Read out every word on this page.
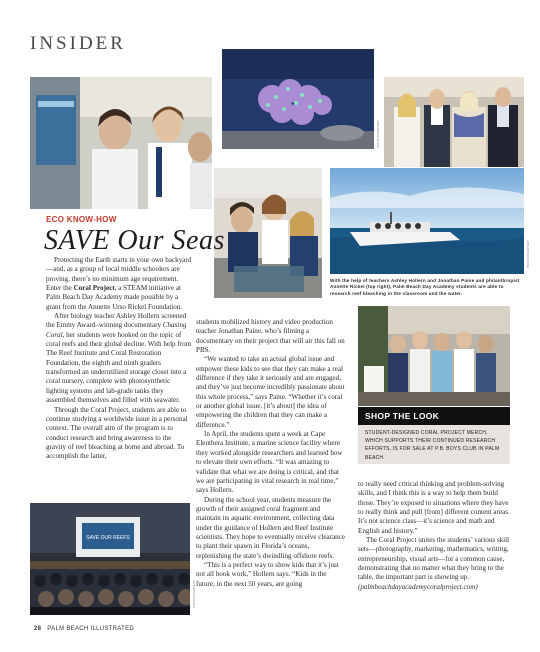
INSIDER
PHOTO COURTESY
PHOTO COURTESY
With the help of teachers Ashley Hollern and Jonathan Paine and philanthropist Annette Rickel (top right), Palm Beach Day Academy students are able to research reef bleaching in the classroom and the water.
SHOP THE LOOK
STUDENT-DESIGNED CORAL PROJECT MERCH, WHICH SUPPORTS THEIR CONTINUED RESEARCH EFFORTS, IS FOR SALE AT P.B. BOYS CLUB IN PALM BEACH.
ECO KNOW-HOW
SAVE Our Seas

Protecting the Earth starts in your own backyard—and, as a group of local middle schoolers are proving, there’s no minimum age requirement. Enter the Coral Project, a STEAM initiative at Palm Beach Day Academy made possible by a grant from the Annette Urso Rickel Foundation.

After biology teacher Ashley Hollern screened the Emmy Award–winning documentary Chasing Coral, her students were hooked on the topic of coral reefs and their global decline. With help from The Reef Institute and Coral Restoration Foundation, the eighth and ninth graders transformed an underutilized storage closet into a coral nursery, complete with photosynthetic lighting systems and lab-grade tanks they assembled themselves and filled with seawater.

Through the Coral Project, students are able to continue studying a worldwide issue in a personal context. The overall aim of the program is to conduct research and bring awareness to the gravity of reef bleaching at home and abroad. To accomplish the latter,

students mobilized history and video production teacher Jonathan Paine, who’s filming a documentary on their project that will air this fall on PBS.

“We wanted to take an actual global issue and empower these kids to see that they can make a real difference if they take it seriously and are engaged, and they’ve just become incredibly passionate about this whole process,” says Paine. “Whether it’s coral or another global issue, [it’s about] the idea of empowering the children that they can make a difference.”

In April, the students spent a week at Cape Eleuthera Institute, a marine science facility where they worked alongside researchers and learned how to elevate their own efforts. “It was amazing to validate that what we are doing is critical, and that we are participating in vital research in real time,” says Hollern.

During the school year, students measure the growth of their assigned coral fragment and maintain its aquatic environment, collecting data under the guidance of Hollern and Reef Institute scientists. They hope to eventually receive clearance to plant their spawn in Florida’s oceans, replenishing the state’s dwindling offshore reefs.

“This is a perfect way to show kids that it’s just not all book work,” Hollern says. “Kids in the future, in the next 50 years, are going

to really need critical thinking and problem-solving skills, and I think this is a way to help them build those. They’re exposed to situations where they have to really think and pull [from] different content areas. It’s not science class—it’s science and math and English and history.”

The Coral Project unites the students’ various skill sets—photography, marketing, mathematics, writing, entrepreneurship, visual arts—for a common cause, demonstrating that no matter what they bring to the table, the important part is showing up. (palmbeachdayacademycoralproject.com)

SAVE OUR REEFS
PHOTO COURTESY
28 PALM BEACH ILLUSTRATED
